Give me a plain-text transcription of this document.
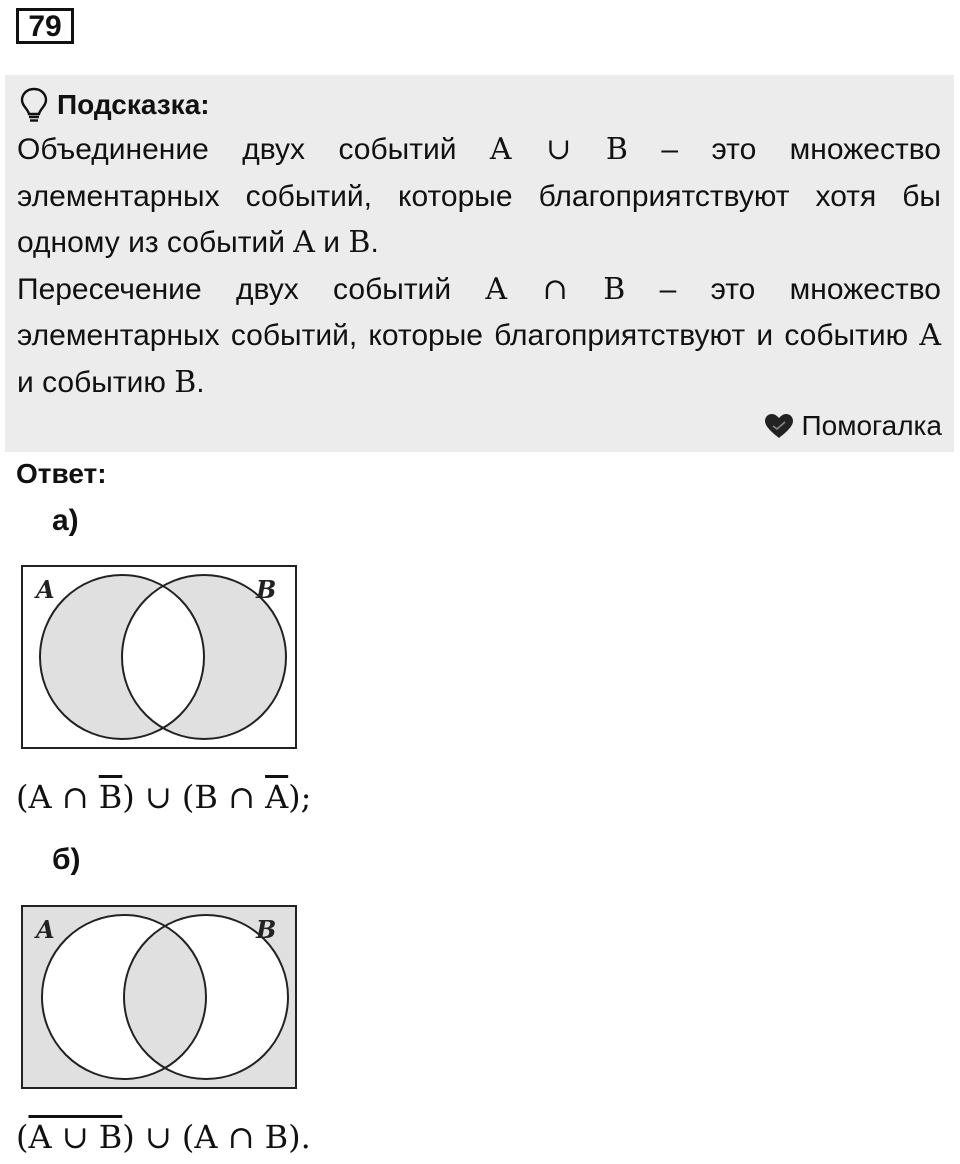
79
Подсказка:

Объединение двух событий A ∪ B – это множество элементарных событий, которые благоприятствуют хотя бы одному из событий A и B.

Пересечение двух событий A ∩ B – это множество элементарных событий, которые благоприятствуют и событию A и событию B.

Помогалка
Ответ:
а)
A	B
(A ∩ $\overline{B}$) ∪ (B ∩ $\overline{A}$);
б)
A	B
(A ∪ B) ∪ (A ∩ B).
